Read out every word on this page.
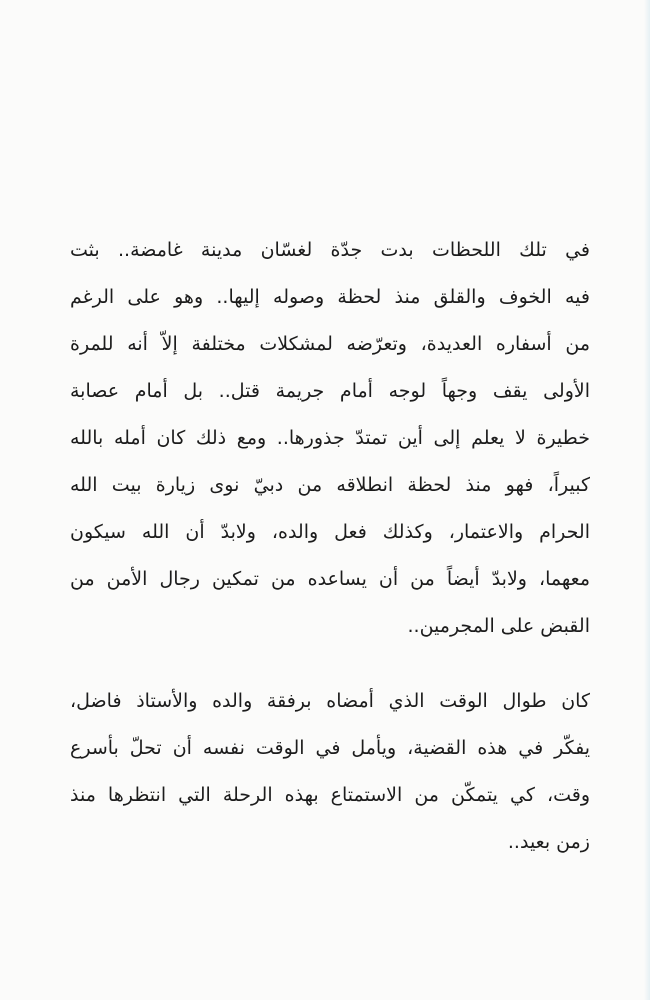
في تلك اللحظات بدت جدّة لغسّان مدينة غامضة.. بثت
فيه الخوف والقلق منذ لحظة وصوله إليها.. وهو على الرغم
من أسفاره العديدة، وتعرّضه لمشكلات مختلفة إلاّ أنه للمرة
الأولى يقف وجهاً لوجه أمام جريمة قتل.. بل أمام عصابة
خطيرة لا يعلم إلى أين تمتدّ جذورها.. ومع ذلك كان أمله بالله
كبيراً، فهو منذ لحظة انطلاقه من دبيّ نوى زيارة بيت الله
الحرام والاعتمار، وكذلك فعل والده، ولابدّ أن الله سيكون
معهما، ولابدّ أيضاً من أن يساعده من تمكين رجال الأمن من
القبض على المجرمين..
كان طوال الوقت الذي أمضاه برفقة والده والأستاذ فاضل،
يفكّر في هذه القضية، ويأمل في الوقت نفسه أن تحلّ بأسرع
وقت، كي يتمكّن من الاستمتاع بهذه الرحلة التي انتظرها منذ
زمن بعيد..
